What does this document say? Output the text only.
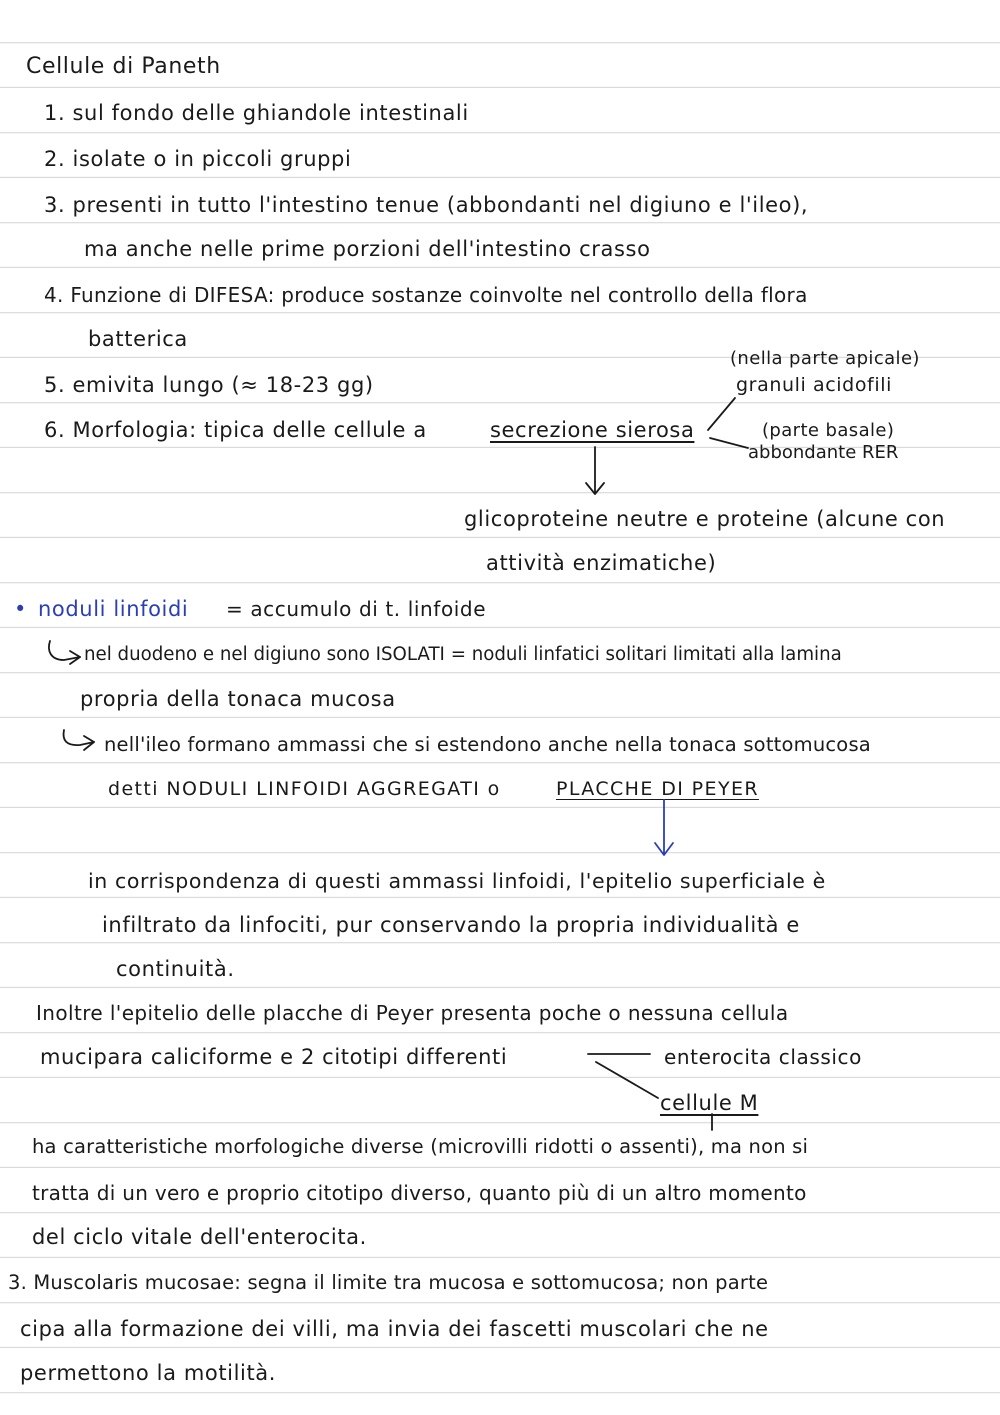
Cellule di Paneth
1. sul fondo delle ghiandole intestinali
2. isolate o in piccoli gruppi
3. presenti in tutto l'intestino tenue (abbondanti nel digiuno e l'ileo),
ma anche nelle prime porzioni dell'intestino crasso
4. Funzione di DIFESA: produce sostanze coinvolte nel controllo della flora
batterica
5. emivita lungo (≈ 18-23 gg)
6. Morfologia: tipica delle cellule a	secrezione sierosa
(nella parte apicale)
granuli acidofili
(parte basale)
abbondante RER
glicoproteine neutre e proteine (alcune con
attività enzimatiche)
• noduli linfoidi = accumulo di t. linfoide
nel duodeno e nel digiuno sono ISOLATI = noduli linfatici solitari limitati alla lamina
propria della tonaca mucosa
nell'ileo formano ammassi che si estendono anche nella tonaca sottomucosa
detti NODULI LINFOIDI AGGREGATI o	PLACCHE DI PEYER
in corrispondenza di questi ammassi linfoidi, l'epitelio superficiale è
infiltrato da linfociti, pur conservando la propria individualità e
continuità.
Inoltre l'epitelio delle placche di Peyer presenta poche o nessuna cellula
mucipara caliciforme e 2 citotipi differenti	enterocita classico
cellule M
ha caratteristiche morfologiche diverse (microvilli ridotti o assenti), ma non si
tratta di un vero e proprio citotipo diverso, quanto più di un altro momento
del ciclo vitale dell'enterocita.
3. Muscolaris mucosae: segna il limite tra mucosa e sottomucosa; non parte
cipa alla formazione dei villi, ma invia dei fascetti muscolari che ne
permettono la motilità.
